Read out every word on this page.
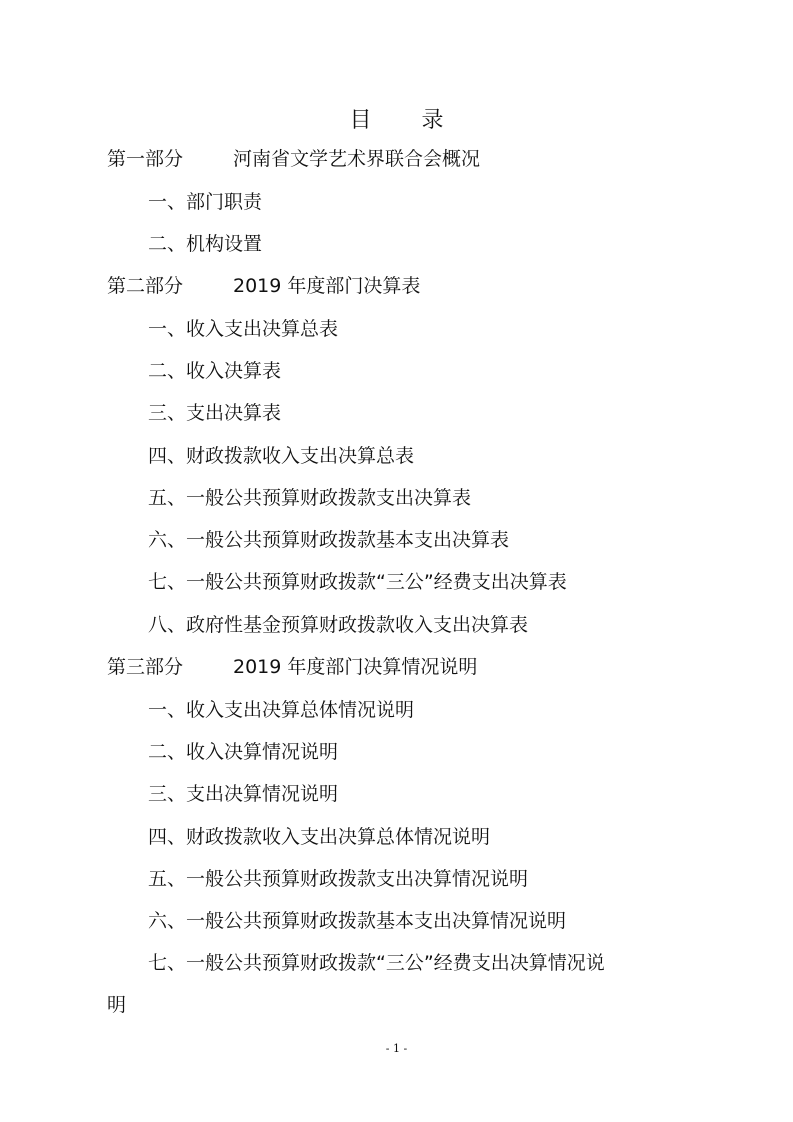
目 录
第一部分	河南省文学艺术界联合会概况
一、部门职责
二、机构设置
第二部分	2019 年度部门决算表
一、收入支出决算总表
二、收入决算表
三、支出决算表
四、财政拨款收入支出决算总表
五、一般公共预算财政拨款支出决算表
六、一般公共预算财政拨款基本支出决算表
七、一般公共预算财政拨款“三公”经费支出决算表
八、政府性基金预算财政拨款收入支出决算表
第三部分	2019 年度部门决算情况说明
一、收入支出决算总体情况说明
二、收入决算情况说明
三、支出决算情况说明
四、财政拨款收入支出决算总体情况说明
五、一般公共预算财政拨款支出决算情况说明
六、一般公共预算财政拨款基本支出决算情况说明
七、一般公共预算财政拨款“三公”经费支出决算情况说
明
- 1 -
